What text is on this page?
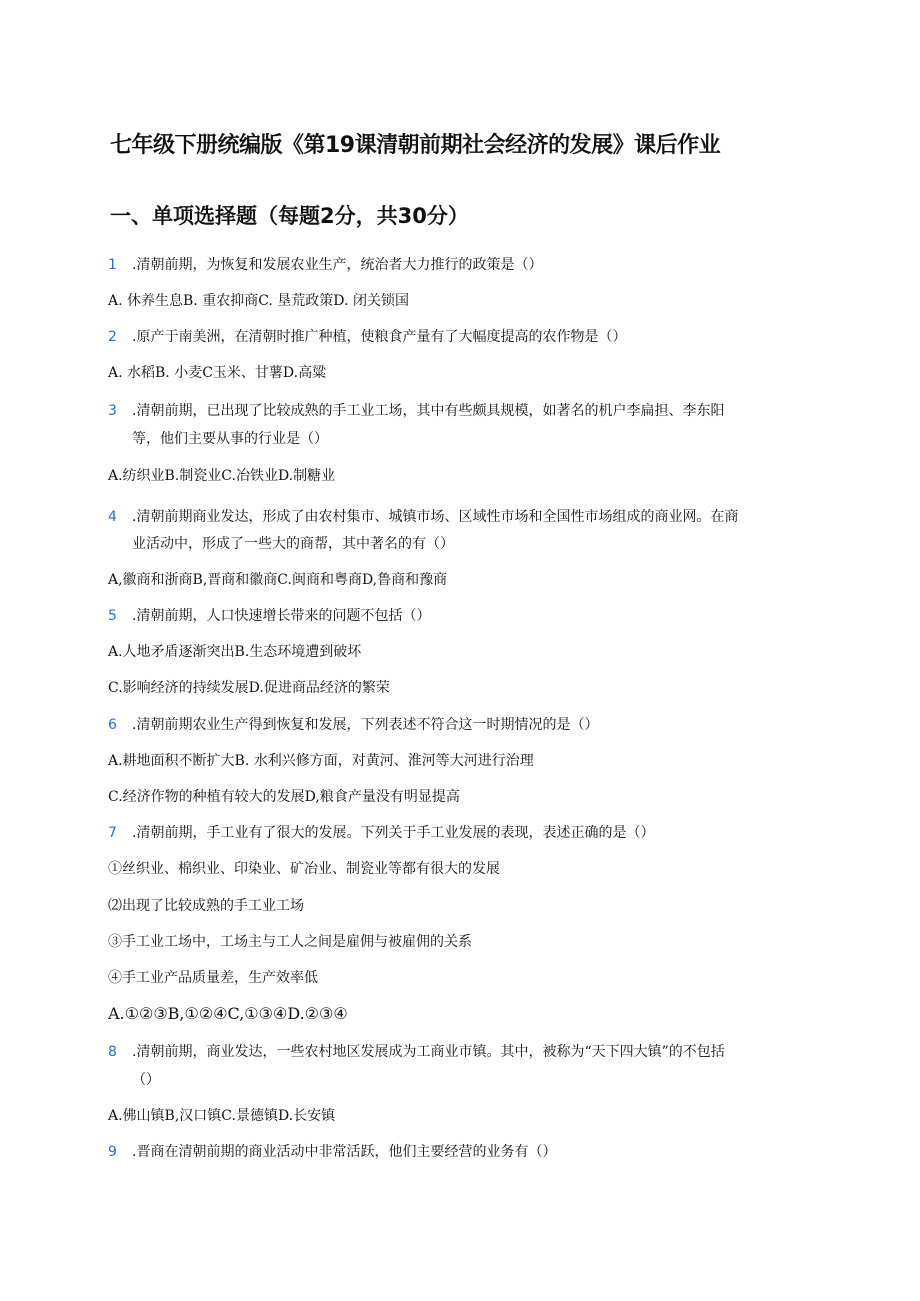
七年级下册统编版《第19课清朝前期社会经济的发展》课后作业
一、单项选择题（每题2分，共30分）
1 .清朝前期，为恢复和发展农业生产，统治者大力推行的政策是（）
A. 休养生息B. 重农抑商C. 垦荒政策D. 闭关锁国
2 .原产于南美洲，在清朝时推广种植，使粮食产量有了大幅度提高的农作物是（）
A. 水稻B. 小麦C玉米、甘薯D.高粱
3 .清朝前期，已出现了比较成熟的手工业工场，其中有些颇具规模，如著名的机户李扁担、李东阳
等，他们主要从事的行业是（）
A.纺织业B.制瓷业C.冶铁业D.制糖业
4 .清朝前期商业发达，形成了由农村集市、城镇市场、区域性市场和全国性市场组成的商业网。在商
业活动中，形成了一些大的商帮，其中著名的有（）
A,徽商和浙商B,晋商和徽商C.闽商和粤商D,鲁商和豫商
5 .清朝前期，人口快速增长带来的问题不包括（）
A.人地矛盾逐渐突出B.生态环境遭到破坏
C.影响经济的持续发展D.促进商品经济的繁荣
6 .清朝前期农业生产得到恢复和发展，下列表述不符合这一时期情况的是（）
A.耕地面积不断扩大B. 水利兴修方面，对黄河、淮河等大河进行治理
C.经济作物的种植有较大的发展D,粮食产量没有明显提高
7 .清朝前期，手工业有了很大的发展。下列关于手工业发展的表现，表述正确的是（）
①丝织业、棉织业、印染业、矿冶业、制瓷业等都有很大的发展
⑵出现了比较成熟的手工业工场
③手工业工场中，工场主与工人之间是雇佣与被雇佣的关系
④手工业产品质量差，生产效率低
A.①②③B,①②④C,①③④D.②③④
8 .清朝前期，商业发达，一些农村地区发展成为工商业市镇。其中，被称为“天下四大镇”的不包括
（）
A.佛山镇B,汉口镇C.景德镇D.长安镇
9 .晋商在清朝前期的商业活动中非常活跃，他们主要经营的业务有（）
